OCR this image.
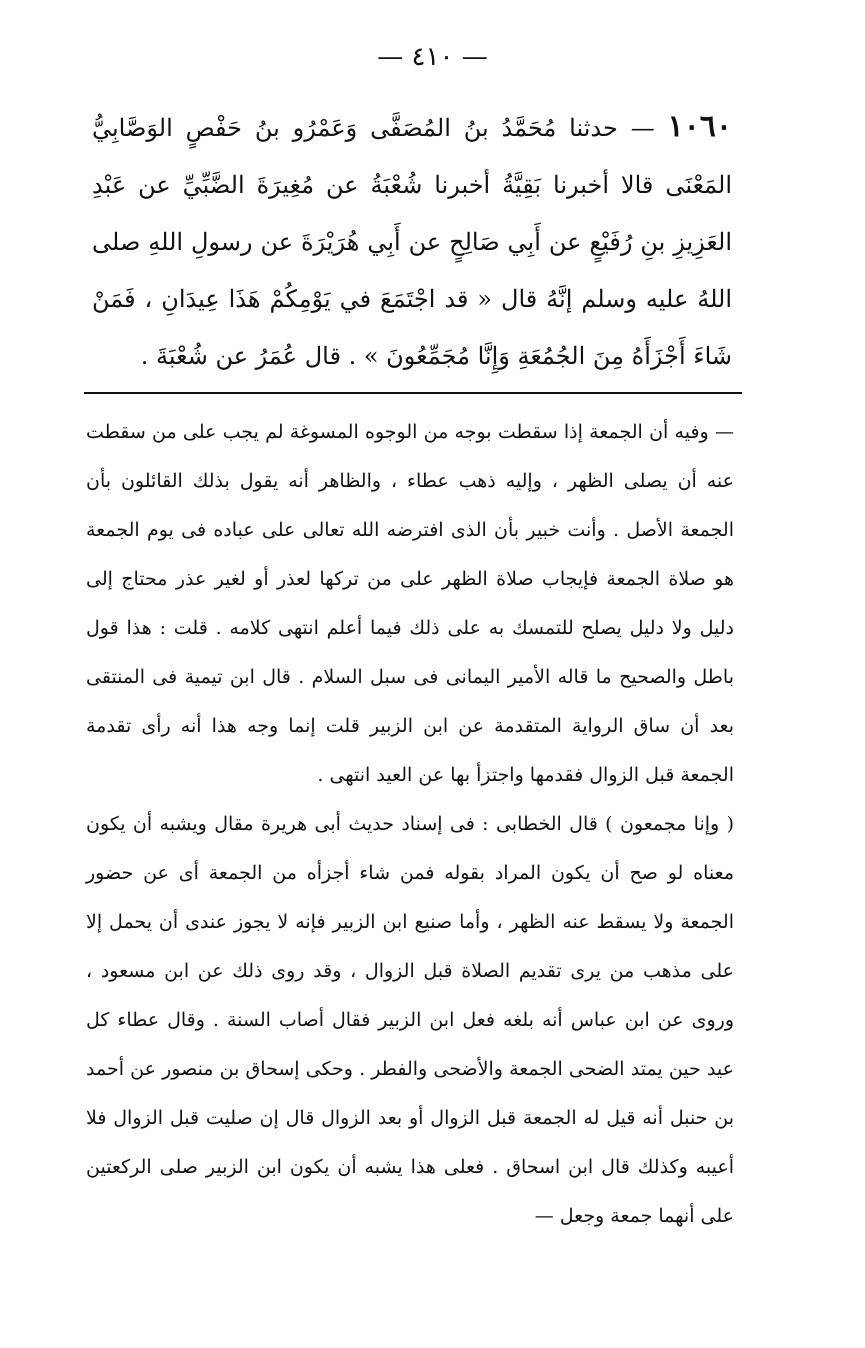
— ٤١٠ —
١٠٦٠ — حدثنا مُحَمَّدُ بنُ المُصَفَّى وَعَمْرُو بنُ حَفْصٍ الوَصَّابِيُّ المَعْنَى قالا أخبرنا بَقِيَّةُ أخبرنا شُعْبَةُ عن مُغِيرَةَ الضَّبِّيِّ عن عَبْدِ العَزِيزِ بنِ رُفَيْعٍ عن أَبِي صَالِحٍ عن أَبِي هُرَيْرَةَ عن رسولِ اللهِ صلى اللهُ عليه وسلم إنَّهُ قال « قد اجْتَمَعَ في يَوْمِكُمْ هَذَا عِيدَانِ ، فَمَنْ شَاءَ أَجْزَأَهُ مِنَ الجُمُعَةِ وَإِنَّا مُجَمِّعُونَ » . قال عُمَرُ عن شُعْبَةَ .

— وفيه أن الجمعة إذا سقطت بوجه من الوجوه المسوغة لم يجب على من سقطت عنه أن يصلى الظهر ، وإليه ذهب عطاء ، والظاهر أنه يقول بذلك القائلون بأن الجمعة الأصل . وأنت خبير بأن الذى افترضه الله تعالى على عباده فى يوم الجمعة هو صلاة الجمعة فإيجاب صلاة الظهر على من تركها لعذر أو لغير عذر محتاج إلى دليل ولا دليل يصلح للتمسك به على ذلك فيما أعلم انتهى كلامه . قلت : هذا قول باطل والصحيح ما قاله الأمير اليمانى فى سبل السلام . قال ابن تيمية فى المنتقى بعد أن ساق الرواية المتقدمة عن ابن الزبير قلت إنما وجه هذا أنه رأى تقدمة الجمعة قبل الزوال فقدمها واجتزأ بها عن العيد انتهى .

( وإنا مجمعون ) قال الخطابى : فى إسناد حديث أبى هريرة مقال ويشبه أن يكون معناه لو صح أن يكون المراد بقوله فمن شاء أجزأه من الجمعة أى عن حضور الجمعة ولا يسقط عنه الظهر ، وأما صنيع ابن الزبير فإنه لا يجوز عندى أن يحمل إلا على مذهب من يرى تقديم الصلاة قبل الزوال ، وقد روى ذلك عن ابن مسعود ، وروى عن ابن عباس أنه بلغه فعل ابن الزبير فقال أصاب السنة . وقال عطاء كل عيد حين يمتد الضحى الجمعة والأضحى والفطر . وحكى إسحاق بن منصور عن أحمد بن حنبل أنه قيل له الجمعة قبل الزوال أو بعد الزوال قال إن صليت قبل الزوال فلا أعيبه وكذلك قال ابن اسحاق . فعلى هذا يشبه أن يكون ابن الزبير صلى الركعتين على أنهما جمعة وجعل —
